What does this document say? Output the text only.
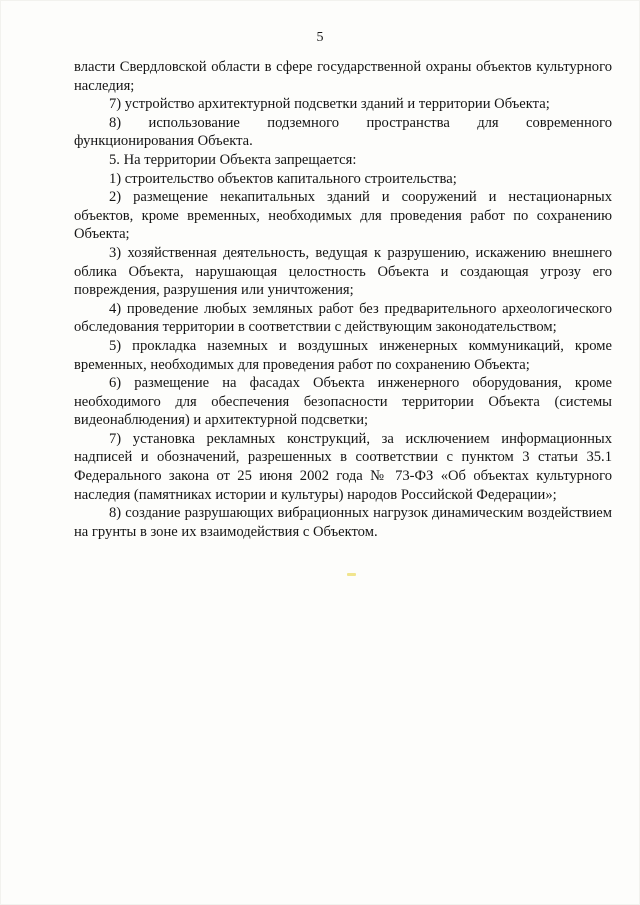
5

власти Свердловской области в сфере государственной охраны объектов культурного наследия;

7) устройство архитектурной подсветки зданий и территории Объекта;

8) использование подземного пространства для современного функционирования Объекта.

5. На территории Объекта запрещается:

1) строительство объектов капитального строительства;

2) размещение некапитальных зданий и сооружений и нестационарных объектов, кроме временных, необходимых для проведения работ по сохранению Объекта;

3) хозяйственная деятельность, ведущая к разрушению, искажению внешнего облика Объекта, нарушающая целостность Объекта и создающая угрозу его повреждения, разрушения или уничтожения;

4) проведение любых земляных работ без предварительного археологического обследования территории в соответствии с действующим законодательством;

5) прокладка наземных и воздушных инженерных коммуникаций, кроме временных, необходимых для проведения работ по сохранению Объекта;

6) размещение на фасадах Объекта инженерного оборудования, кроме необходимого для обеспечения безопасности территории Объекта (системы видеонаблюдения) и архитектурной подсветки;

7) установка рекламных конструкций, за исключением информационных надписей и обозначений, разрешенных в соответствии с пунктом 3 статьи 35.1 Федерального закона от 25 июня 2002 года № 73-ФЗ «Об объектах культурного наследия (памятниках истории и культуры) народов Российской Федерации»;

8) создание разрушающих вибрационных нагрузок динамическим воздействием на грунты в зоне их взаимодействия с Объектом.
